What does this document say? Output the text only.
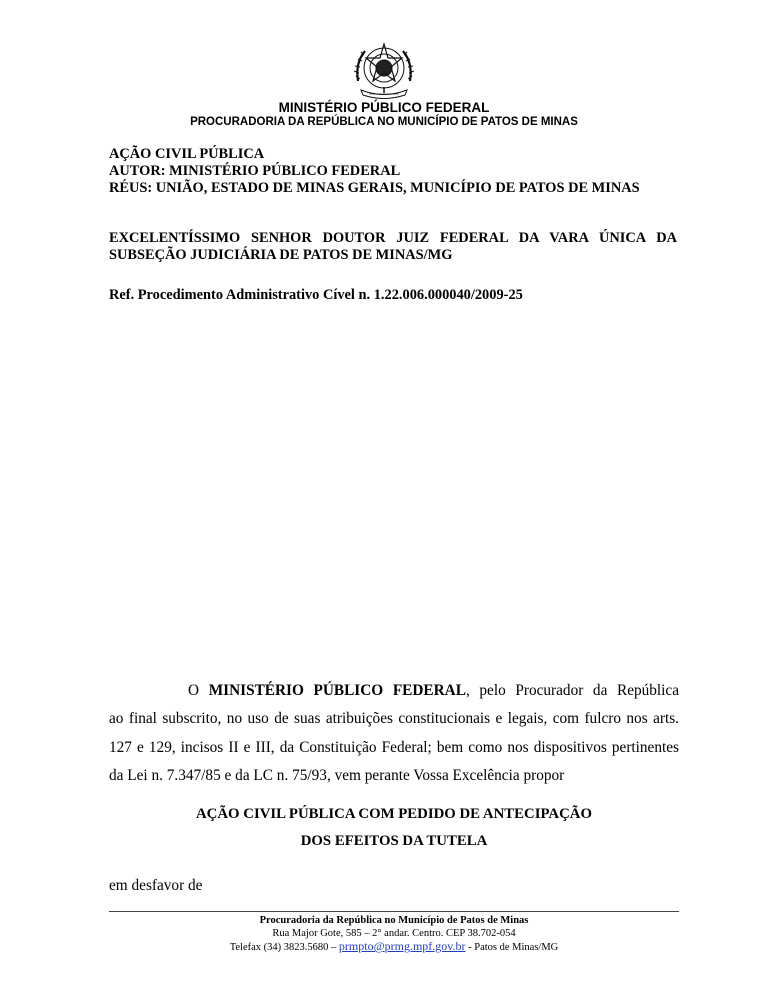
MINISTÉRIO PÚBLICO FEDERAL
PROCURADORIA DA REPÚBLICA NO MUNICÍPIO DE PATOS DE MINAS
AÇÃO CIVIL PÚBLICA
AUTOR: MINISTÉRIO PÚBLICO FEDERAL
RÉUS: UNIÃO, ESTADO DE MINAS GERAIS, MUNICÍPIO DE PATOS DE MINAS
EXCELENTÍSSIMO SENHOR DOUTOR JUIZ FEDERAL DA VARA ÚNICA DA SUBSEÇÃO JUDICIÁRIA DE PATOS DE MINAS/MG
Ref. Procedimento Administrativo Cível n. 1.22.006.000040/2009-25
O MINISTÉRIO PÚBLICO FEDERAL, pelo Procurador da República
ao final subscrito, no uso de suas atribuições constitucionais e legais, com fulcro nos arts.
127 e 129, incisos II e III, da Constituição Federal; bem como nos dispositivos pertinentes
da Lei n. 7.347/85 e da LC n. 75/93, vem perante Vossa Excelência propor
AÇÃO CIVIL PÚBLICA COM PEDIDO DE ANTECIPAÇÃO
DOS EFEITOS DA TUTELA
em desfavor de
Procuradoria da República no Município de Patos de Minas
Rua Major Gote, 585 – 2° andar. Centro. CEP 38.702-054
Telefax (34) 3823.5680 – prmpto@prmg.mpf.gov.br - Patos de Minas/MG
